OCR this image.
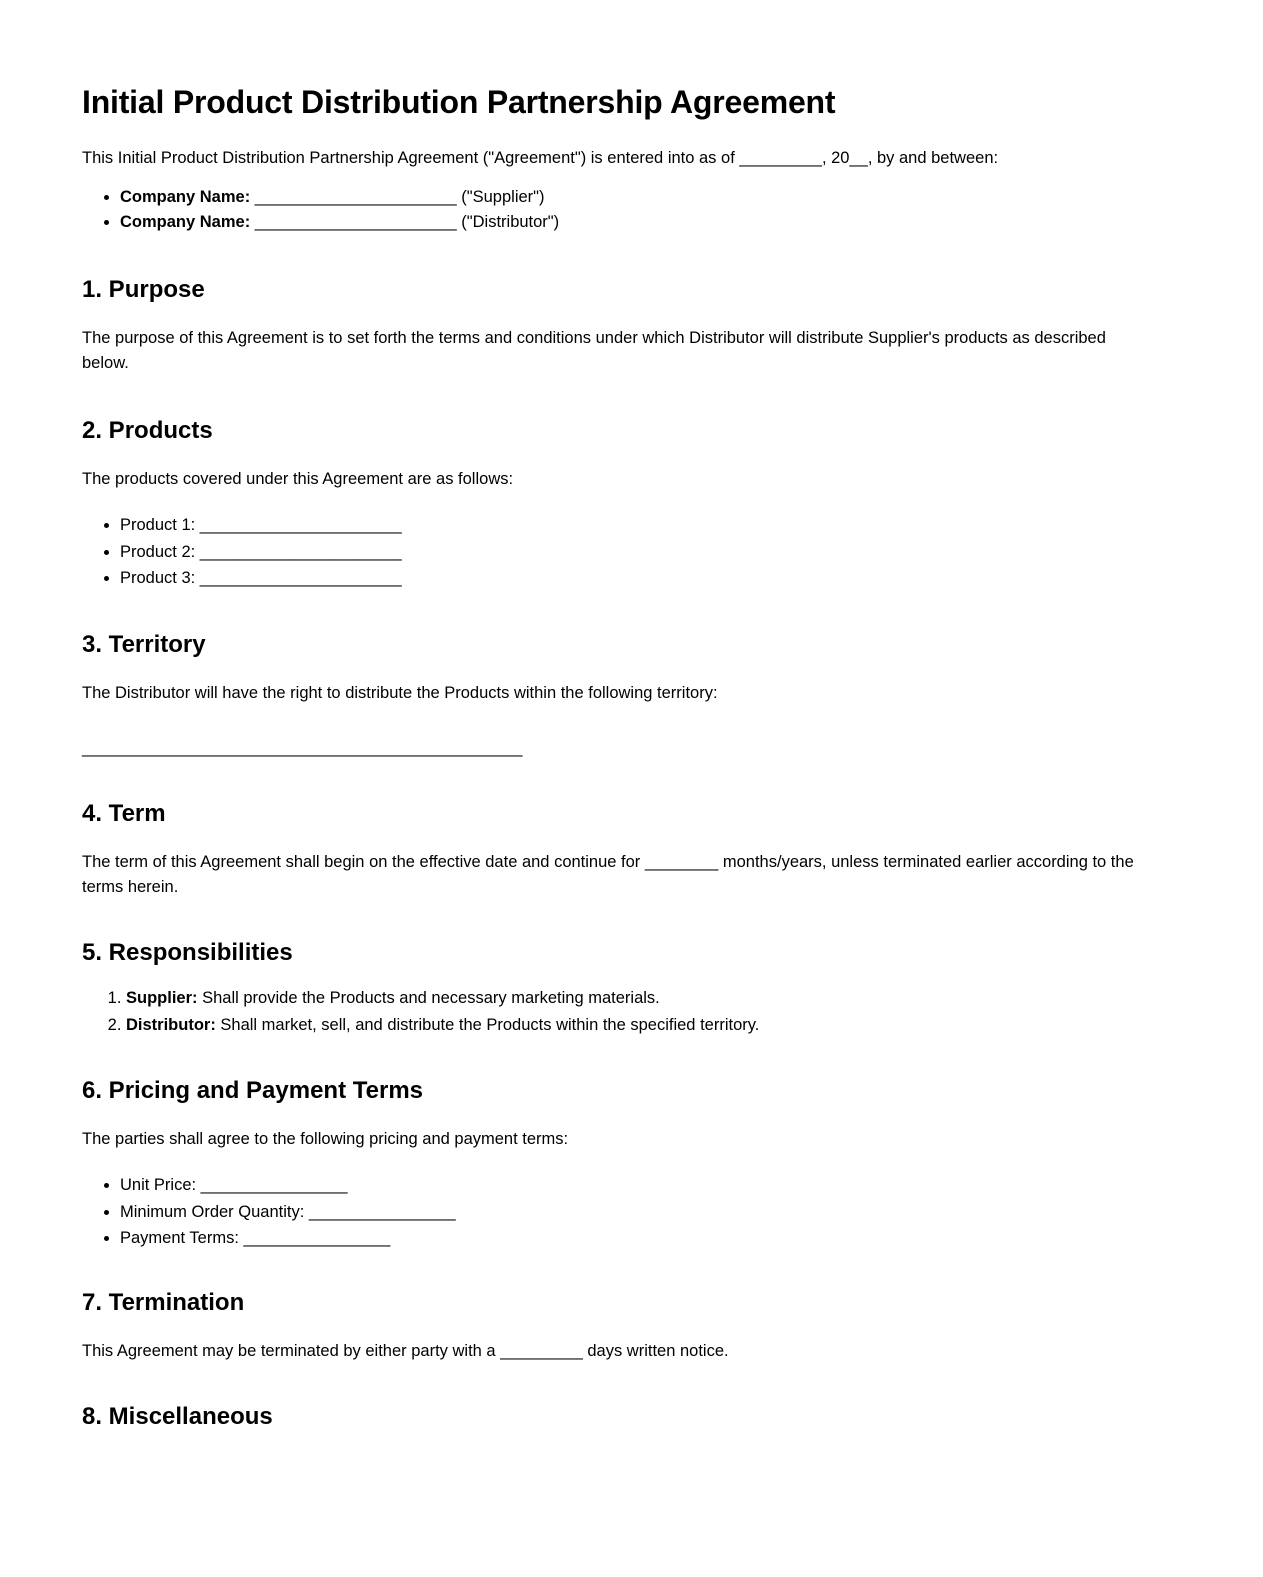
Initial Product Distribution Partnership Agreement

This Initial Product Distribution Partnership Agreement ("Agreement") is entered into as of _________, 20__, by and between:

• Company Name: ______________________ ("Supplier")
• Company Name: ______________________ ("Distributor")
1. Purpose

The purpose of this Agreement is to set forth the terms and conditions under which Distributor will distribute Supplier's products as described below.

2. Products

The products covered under this Agreement are as follows:

• Product 1: ______________________
• Product 2: ______________________
• Product 3: ______________________
3. Territory

The Distributor will have the right to distribute the Products within the following territory:

________________________________________________
4. Term

The term of this Agreement shall begin on the effective date and continue for ________ months/years, unless terminated earlier according to the terms herein.

5. Responsibilities
1. Supplier: Shall provide the Products and necessary marketing materials.
2. Distributor: Shall market, sell, and distribute the Products within the specified territory.
6. Pricing and Payment Terms

The parties shall agree to the following pricing and payment terms:

• Unit Price: ________________
• Minimum Order Quantity: ________________
• Payment Terms: ________________
7. Termination

This Agreement may be terminated by either party with a _________ days written notice.

8. Miscellaneous
